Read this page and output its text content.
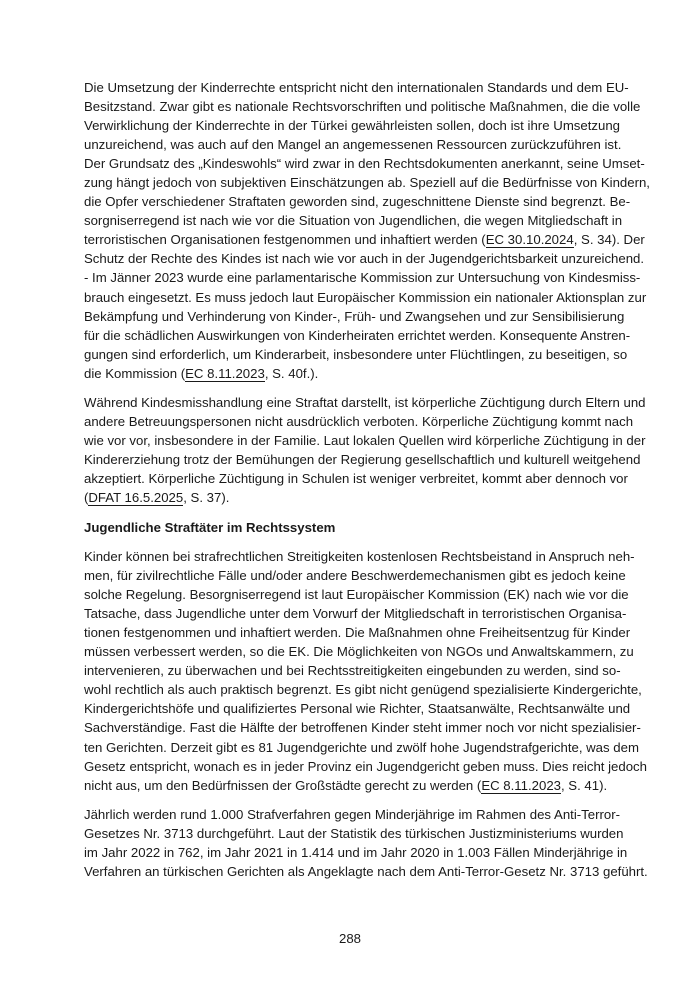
Die Umsetzung der Kinderrechte entspricht nicht den internationalen Standards und dem EU-
Besitzstand. Zwar gibt es nationale Rechtsvorschriften und politische Maßnahmen, die die volle
Verwirklichung der Kinderrechte in der Türkei gewährleisten sollen, doch ist ihre Umsetzung
unzureichend, was auch auf den Mangel an angemessenen Ressourcen zurückzuführen ist.
Der Grundsatz des „Kindeswohls“ wird zwar in den Rechtsdokumenten anerkannt, seine Umset-
zung hängt jedoch von subjektiven Einschätzungen ab. Speziell auf die Bedürfnisse von Kindern,
die Opfer verschiedener Straftaten geworden sind, zugeschnittene Dienste sind begrenzt. Be-
sorgniserregend ist nach wie vor die Situation von Jugendlichen, die wegen Mitgliedschaft in
terroristischen Organisationen festgenommen und inhaftiert werden (EC 30.10.2024, S. 34). Der
Schutz der Rechte des Kindes ist nach wie vor auch in der Jugendgerichtsbarkeit unzureichend.
- Im Jänner 2023 wurde eine parlamentarische Kommission zur Untersuchung von Kindesmiss-
brauch eingesetzt. Es muss jedoch laut Europäischer Kommission ein nationaler Aktionsplan zur
Bekämpfung und Verhinderung von Kinder-, Früh- und Zwangsehen und zur Sensibilisierung
für die schädlichen Auswirkungen von Kinderheiraten errichtet werden. Konsequente Anstren-
gungen sind erforderlich, um Kinderarbeit, insbesondere unter Flüchtlingen, zu beseitigen, so
die Kommission (EC 8.11.2023, S. 40f.).
Während Kindesmisshandlung eine Straftat darstellt, ist körperliche Züchtigung durch Eltern und
andere Betreuungspersonen nicht ausdrücklich verboten. Körperliche Züchtigung kommt nach
wie vor vor, insbesondere in der Familie. Laut lokalen Quellen wird körperliche Züchtigung in der
Kindererziehung trotz der Bemühungen der Regierung gesellschaftlich und kulturell weitgehend
akzeptiert. Körperliche Züchtigung in Schulen ist weniger verbreitet, kommt aber dennoch vor
(DFAT 16.5.2025, S. 37).
Jugendliche Straftäter im Rechtssystem
Kinder können bei strafrechtlichen Streitigkeiten kostenlosen Rechtsbeistand in Anspruch neh-
men, für zivilrechtliche Fälle und/oder andere Beschwerdemechanismen gibt es jedoch keine
solche Regelung. Besorgniserregend ist laut Europäischer Kommission (EK) nach wie vor die
Tatsache, dass Jugendliche unter dem Vorwurf der Mitgliedschaft in terroristischen Organisa-
tionen festgenommen und inhaftiert werden. Die Maßnahmen ohne Freiheitsentzug für Kinder
müssen verbessert werden, so die EK. Die Möglichkeiten von NGOs und Anwaltskammern, zu
intervenieren, zu überwachen und bei Rechtsstreitigkeiten eingebunden zu werden, sind so-
wohl rechtlich als auch praktisch begrenzt. Es gibt nicht genügend spezialisierte Kindergerichte,
Kindergerichtshöfe und qualifiziertes Personal wie Richter, Staatsanwälte, Rechtsanwälte und
Sachverständige. Fast die Hälfte der betroffenen Kinder steht immer noch vor nicht spezialisier-
ten Gerichten. Derzeit gibt es 81 Jugendgerichte und zwölf hohe Jugendstrafgerichte, was dem
Gesetz entspricht, wonach es in jeder Provinz ein Jugendgericht geben muss. Dies reicht jedoch
nicht aus, um den Bedürfnissen der Großstädte gerecht zu werden (EC 8.11.2023, S. 41).
Jährlich werden rund 1.000 Strafverfahren gegen Minderjährige im Rahmen des Anti-Terror-
Gesetzes Nr. 3713 durchgeführt. Laut der Statistik des türkischen Justizministeriums wurden
im Jahr 2022 in 762, im Jahr 2021 in 1.414 und im Jahr 2020 in 1.003 Fällen Minderjährige in
Verfahren an türkischen Gerichten als Angeklagte nach dem Anti-Terror-Gesetz Nr. 3713 geführt.
288
